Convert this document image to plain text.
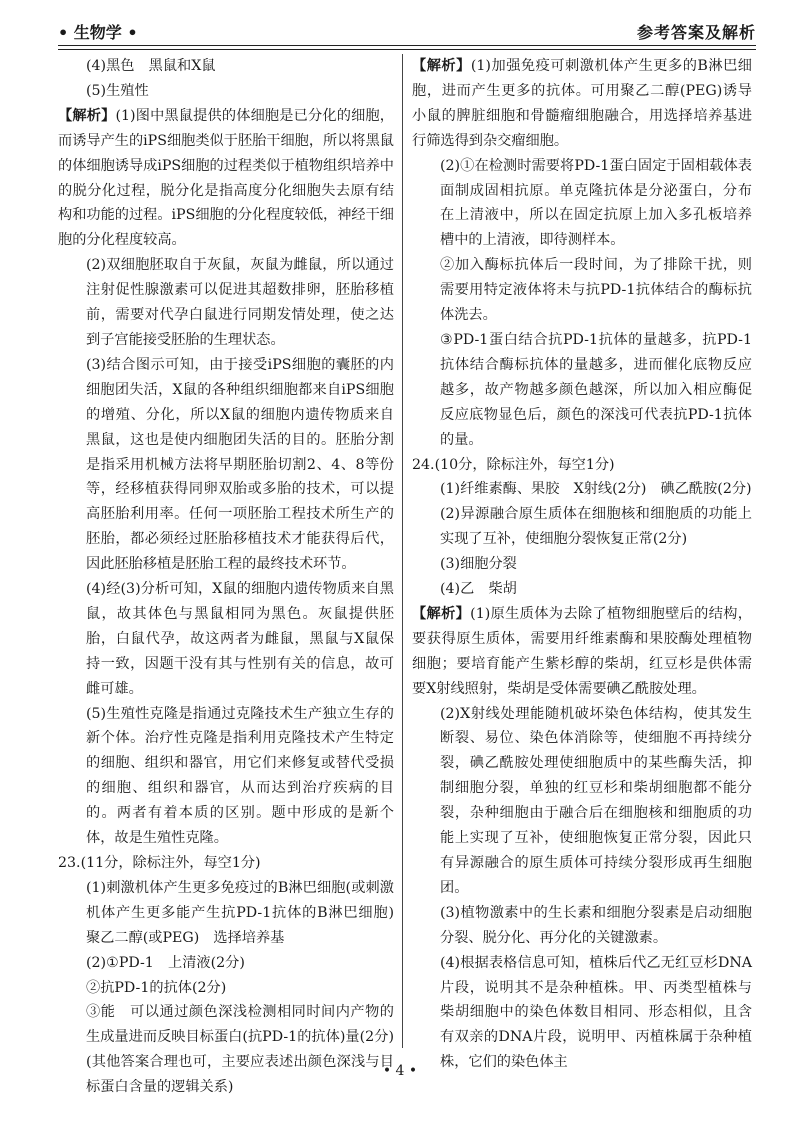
• 生物学 •	参考答案及解析

(4)黑色　黑鼠和X鼠

(5)生殖性

【解析】(1)图中黑鼠提供的体细胞是已分化的细胞，而诱导产生的iPS细胞类似于胚胎干细胞，所以将黑鼠的体细胞诱导成iPS细胞的过程类似于植物组织培养中的脱分化过程，脱分化是指高度分化细胞失去原有结构和功能的过程。iPS细胞的分化程度较低，神经干细胞的分化程度较高。

(2)双细胞胚取自于灰鼠，灰鼠为雌鼠，所以通过注射促性腺激素可以促进其超数排卵，胚胎移植前，需要对代孕白鼠进行同期发情处理，使之达到子宫能接受胚胎的生理状态。

(3)结合图示可知，由于接受iPS细胞的囊胚的内细胞团失活，X鼠的各种组织细胞都来自iPS细胞的增殖、分化，所以X鼠的细胞内遗传物质来自黑鼠，这也是使内细胞团失活的目的。胚胎分割是指采用机械方法将早期胚胎切割2、4、8等份等，经移植获得同卵双胎或多胎的技术，可以提高胚胎利用率。任何一项胚胎工程技术所生产的胚胎，都必须经过胚胎移植技术才能获得后代，因此胚胎移植是胚胎工程的最终技术环节。

(4)经(3)分析可知，X鼠的细胞内遗传物质来自黑鼠，故其体色与黑鼠相同为黑色。灰鼠提供胚胎，白鼠代孕，故这两者为雌鼠，黑鼠与X鼠保持一致，因题干没有其与性别有关的信息，故可雌可雄。

(5)生殖性克隆是指通过克隆技术生产独立生存的新个体。治疗性克隆是指利用克隆技术产生特定的细胞、组织和器官，用它们来修复或替代受损的细胞、组织和器官，从而达到治疗疾病的目的。两者有着本质的区别。题中形成的是新个体，故是生殖性克隆。

23.(11分，除标注外，每空1分)

(1)刺激机体产生更多免疫过的B淋巴细胞(或刺激机体产生更多能产生抗PD-1抗体的B淋巴细胞)　聚乙二醇(或PEG)　选择培养基

(2)①PD-1　上清液(2分)

②抗PD-1的抗体(2分)

③能　可以通过颜色深浅检测相同时间内产物的生成量进而反映目标蛋白(抗PD-1的抗体)量(2分)(其他答案合理也可，主要应表述出颜色深浅与目标蛋白含量的逻辑关系)

【解析】(1)加强免疫可刺激机体产生更多的B淋巴细胞，进而产生更多的抗体。可用聚乙二醇(PEG)诱导小鼠的脾脏细胞和骨髓瘤细胞融合，用选择培养基进行筛选得到杂交瘤细胞。

(2)①在检测时需要将PD-1蛋白固定于固相载体表面制成固相抗原。单克隆抗体是分泌蛋白，分布在上清液中，所以在固定抗原上加入多孔板培养槽中的上清液，即待测样本。

②加入酶标抗体后一段时间，为了排除干扰，则需要用特定液体将未与抗PD-1抗体结合的酶标抗体洗去。

③PD-1蛋白结合抗PD-1抗体的量越多，抗PD-1抗体结合酶标抗体的量越多，进而催化底物反应越多，故产物越多颜色越深，所以加入相应酶促反应底物显色后，颜色的深浅可代表抗PD-1抗体的量。

24.(10分，除标注外，每空1分)

(1)纤维素酶、果胶　X射线(2分)　碘乙酰胺(2分)

(2)异源融合原生质体在细胞核和细胞质的功能上实现了互补，使细胞分裂恢复正常(2分)

(3)细胞分裂

(4)乙　柴胡

【解析】(1)原生质体为去除了植物细胞壁后的结构，要获得原生质体，需要用纤维素酶和果胶酶处理植物细胞；要培育能产生紫杉醇的柴胡，红豆杉是供体需要X射线照射，柴胡是受体需要碘乙酰胺处理。

(2)X射线处理能随机破坏染色体结构，使其发生断裂、易位、染色体消除等，使细胞不再持续分裂，碘乙酰胺处理使细胞质中的某些酶失活，抑制细胞分裂，单独的红豆杉和柴胡细胞都不能分裂，杂种细胞由于融合后在细胞核和细胞质的功能上实现了互补，使细胞恢复正常分裂，因此只有异源融合的原生质体可持续分裂形成再生细胞团。

(3)植物激素中的生长素和细胞分裂素是启动细胞分裂、脱分化、再分化的关键激素。

(4)根据表格信息可知，植株后代乙无红豆杉DNA片段，说明其不是杂种植株。甲、丙类型植株与柴胡细胞中的染色体数目相同、形态相似，且含有双亲的DNA片段，说明甲、丙植株属于杂种植株，它们的染色体主

• 4 •
